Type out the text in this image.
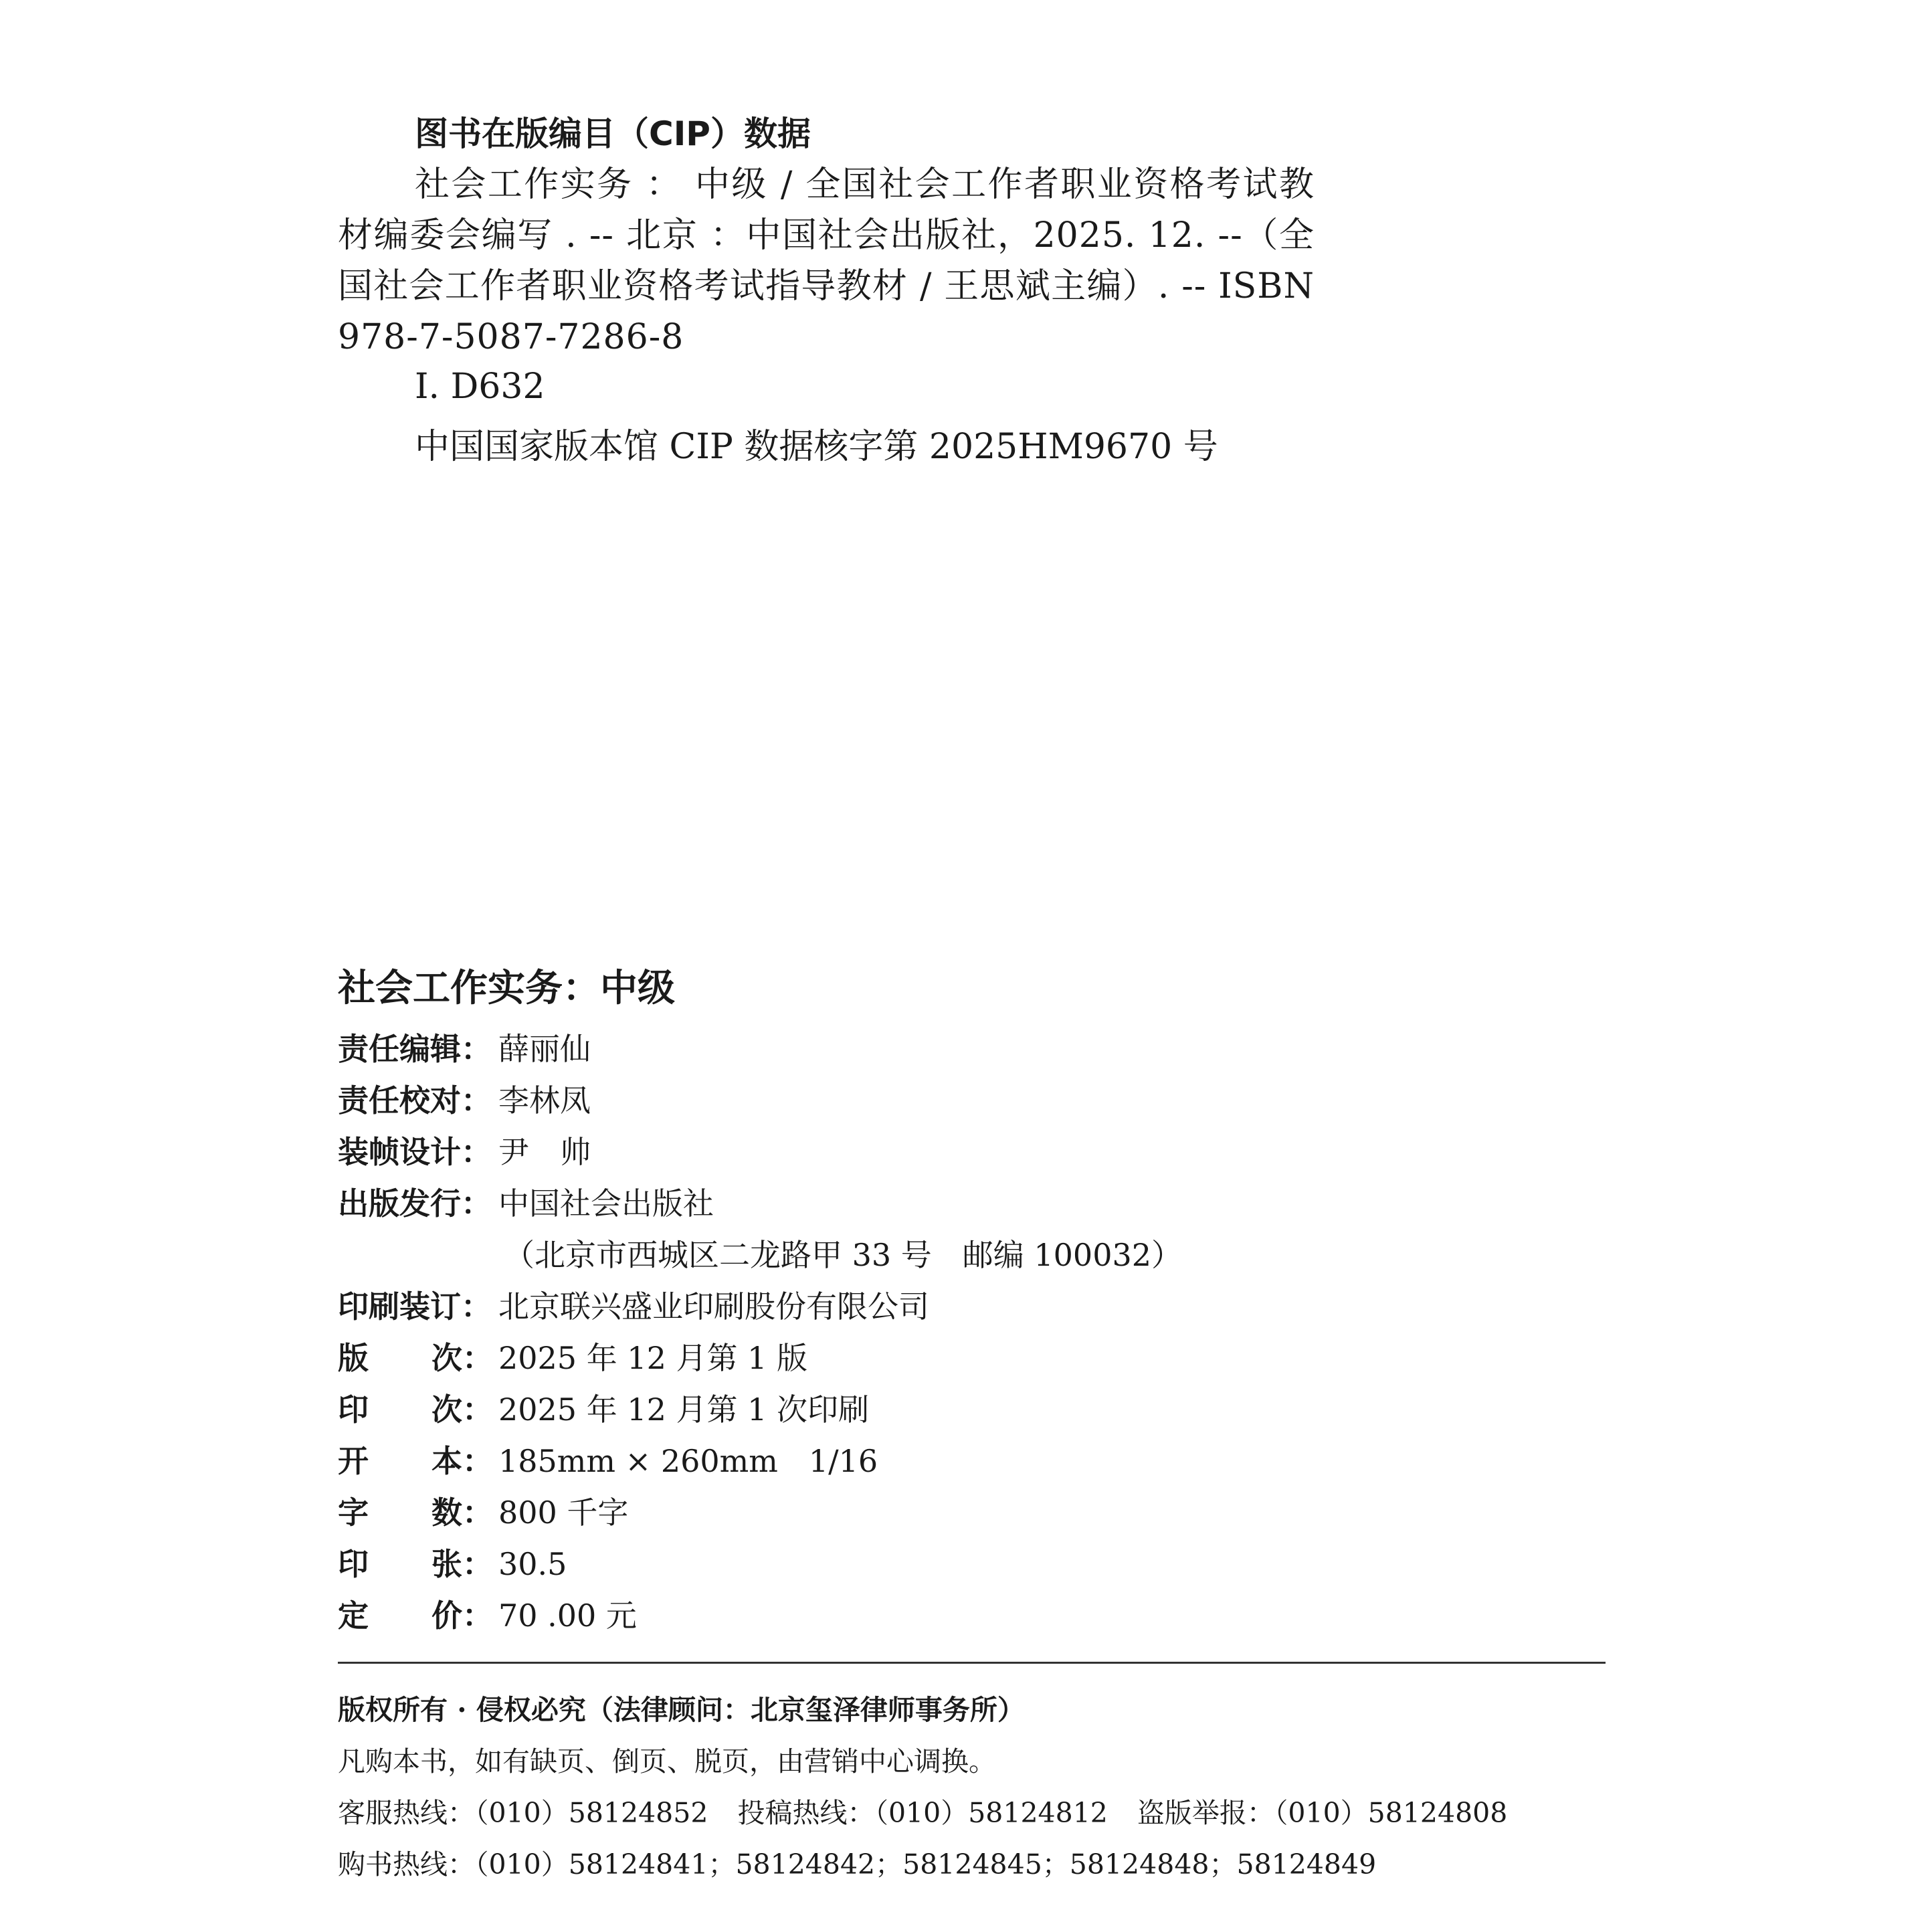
图书在版编目（CIP）数据
社会工作实务 ： 中级 / 全国社会工作者职业资格考试教材编委会编写 . -- 北京 ：中国社会出版社，2025. 12. --（全国社会工作者职业资格考试指导教材 / 王思斌主编）. -- ISBN 978-7-5087-7286-8
Ⅰ. D632
中国国家版本馆 CIP 数据核字第 2025HM9670 号
社会工作实务：中级
责任编辑： 薛丽仙
责任校对： 李林凤
装帧设计： 尹　帅
出版发行： 中国社会出版社
（北京市西城区二龙路甲 33 号　邮编 100032）
印刷装订： 北京联兴盛业印刷股份有限公司
版 次： 2025 年 12 月第 1 版
印 次： 2025 年 12 月第 1 次印刷
开 本： 185mm × 260mm　1/16
字 数： 800 千字
印 张： 30.5
定 价： 70 .00 元
版权所有 · 侵权必究（法律顾问：北京玺泽律师事务所）
凡购本书，如有缺页、倒页、脱页，由营销中心调换。
客服热线：（010）58124852 投稿热线：（010）58124812 盗版举报：（010）58124808
购书热线：（010）58124841；58124842；58124845；58124848；58124849
